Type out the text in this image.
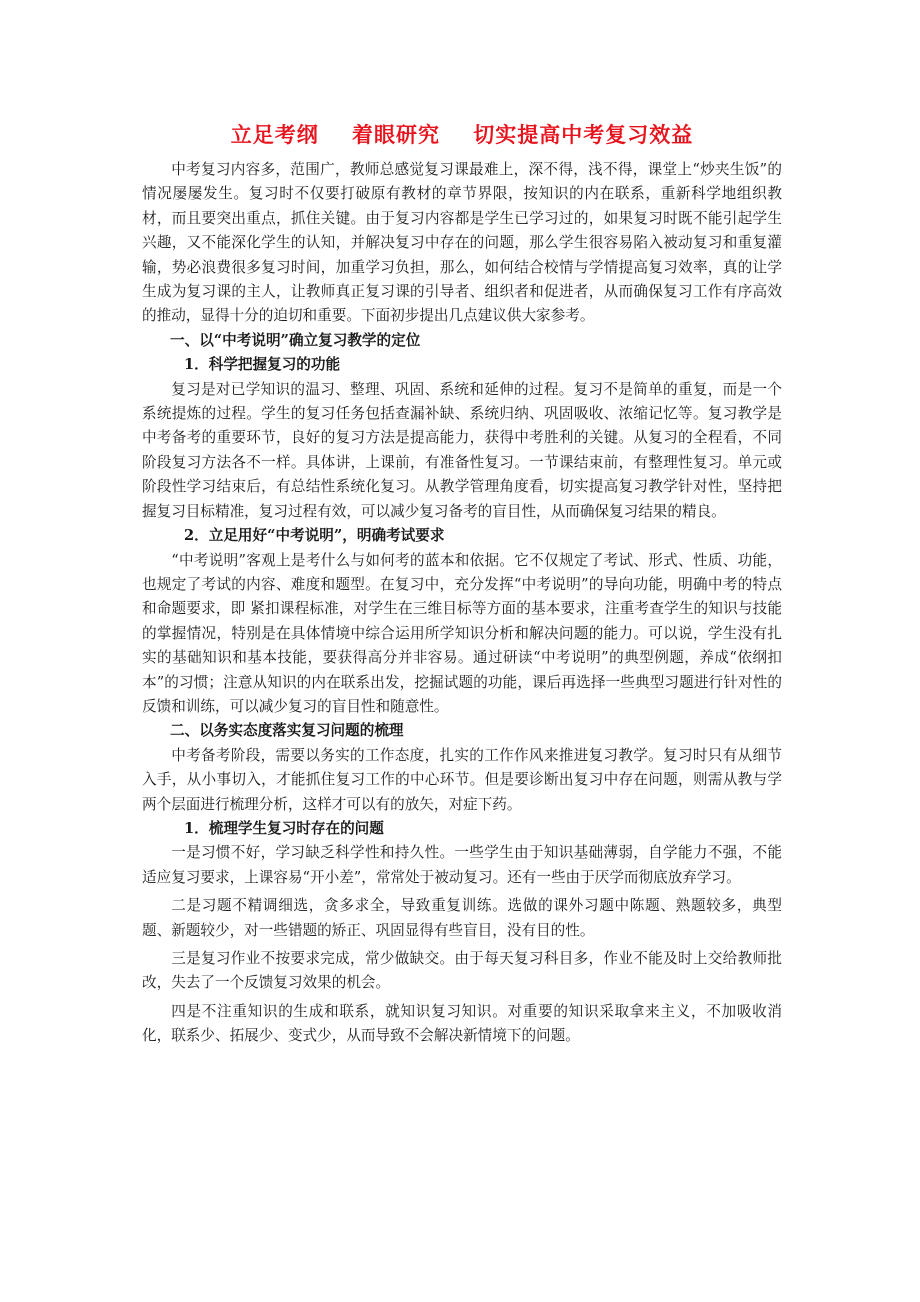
立足考纲    着眼研究    切实提高中考复习效益

中考复习内容多，范围广，教师总感觉复习课最难上，深不得，浅不得，课堂上“炒夹生饭”的情况屡屡发生。复习时不仅要打破原有教材的章节界限，按知识的内在联系，重新科学地组织教材，而且要突出重点，抓住关键。由于复习内容都是学生已学习过的，如果复习时既不能引起学生兴趣，又不能深化学生的认知，并解决复习中存在的问题，那么学生很容易陷入被动复习和重复灌输，势必浪费很多复习时间，加重学习负担，那么，如何结合校情与学情提高复习效率，真的让学生成为复习课的主人，让教师真正复习课的引导者、组织者和促进者，从而确保复习工作有序高效的推动，显得十分的迫切和重要。下面初步提出几点建议供大家参考。

一、以“中考说明”确立复习教学的定位

1．科学把握复习的功能

复习是对已学知识的温习、整理、巩固、系统和延伸的过程。复习不是简单的重复，而是一个系统提炼的过程。学生的复习任务包括查漏补缺、系统归纳、巩固吸收、浓缩记忆等。复习教学是中考备考的重要环节，良好的复习方法是提高能力，获得中考胜利的关键。从复习的全程看，不同阶段复习方法各不一样。具体讲，上课前，有准备性复习。一节课结束前，有整理性复习。单元或阶段性学习结束后，有总结性系统化复习。从教学管理角度看，切实提高复习教学针对性，坚持把握复习目标精准，复习过程有效，可以减少复习备考的盲目性，从而确保复习结果的精良。

2．立足用好“中考说明”，明确考试要求

“中考说明”客观上是考什么与如何考的蓝本和依据。它不仅规定了考试、形式、性质、功能，也规定了考试的内容、难度和题型。在复习中，充分发挥“中考说明”的导向功能，明确中考的特点和命题要求，即 紧扣课程标准，对学生在三维目标等方面的基本要求，注重考查学生的知识与技能的掌握情况，特别是在具体情境中综合运用所学知识分析和解决问题的能力。可以说，学生没有扎实的基础知识和基本技能，要获得高分并非容易。通过研读“中考说明”的典型例题，养成“依纲扣本”的习惯；注意从知识的内在联系出发，挖掘试题的功能，课后再选择一些典型习题进行针对性的反馈和训练，可以减少复习的盲目性和随意性。

二、以务实态度落实复习问题的梳理

中考备考阶段，需要以务实的工作态度，扎实的工作作风来推进复习教学。复习时只有从细节入手，从小事切入，才能抓住复习工作的中心环节。但是要诊断出复习中存在问题，则需从教与学两个层面进行梳理分析，这样才可以有的放矢，对症下药。

1．梳理学生复习时存在的问题

一是习惯不好，学习缺乏科学性和持久性。一些学生由于知识基础薄弱，自学能力不强，不能适应复习要求，上课容易“开小差”，常常处于被动复习。还有一些由于厌学而彻底放弃学习。

二是习题不精调细选，贪多求全，导致重复训练。选做的课外习题中陈题、熟题较多，典型题、新题较少，对一些错题的矫正、巩固显得有些盲目，没有目的性。

三是复习作业不按要求完成，常少做缺交。由于每天复习科目多，作业不能及时上交给教师批改，失去了一个反馈复习效果的机会。

四是不注重知识的生成和联系，就知识复习知识。对重要的知识采取拿来主义，不加吸收消化，联系少、拓展少、变式少，从而导致不会解决新情境下的问题。
